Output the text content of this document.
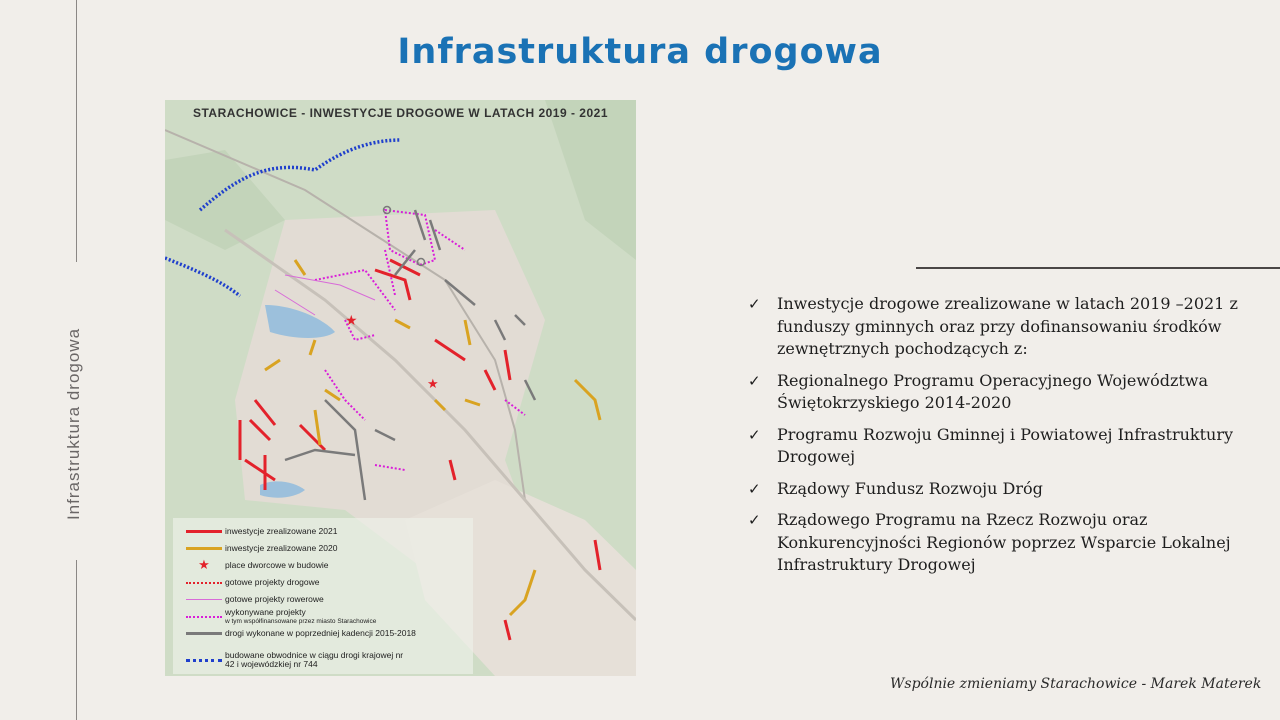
Infrastruktura drogowa
Infrastruktura drogowa
★
★
STARACHOWICE - INWESTYCJE DROGOWE W LATACH 2019 - 2021
inwestycje zrealizowane 2021
inwestycje zrealizowane 2020
★	place dworcowe w budowie
gotowe projekty drogowe
gotowe projekty rowerowe
wykonywane projekty
w tym współfinansowane przez miasto Starachowice
drogi wykonane w poprzedniej kadencji 2015-2018
budowane obwodnice w ciągu drogi krajowej nr 42 i wojewódzkiej nr 744
✓ Inwestycje drogowe zrealizowane w latach 2019 –2021 z funduszy gminnych oraz przy dofinansowaniu środków zewnętrznych pochodzących z:
✓ Regionalnego Programu Operacyjnego Województwa Świętokrzyskiego 2014-2020
✓ Programu Rozwoju Gminnej i Powiatowej Infrastruktury Drogowej
✓ Rządowy Fundusz Rozwoju Dróg
✓ Rządowego Programu na Rzecz Rozwoju oraz Konkurencyjności Regionów poprzez Wsparcie Lokalnej Infrastruktury Drogowej
Wspólnie zmieniamy Starachowice - Marek Materek
